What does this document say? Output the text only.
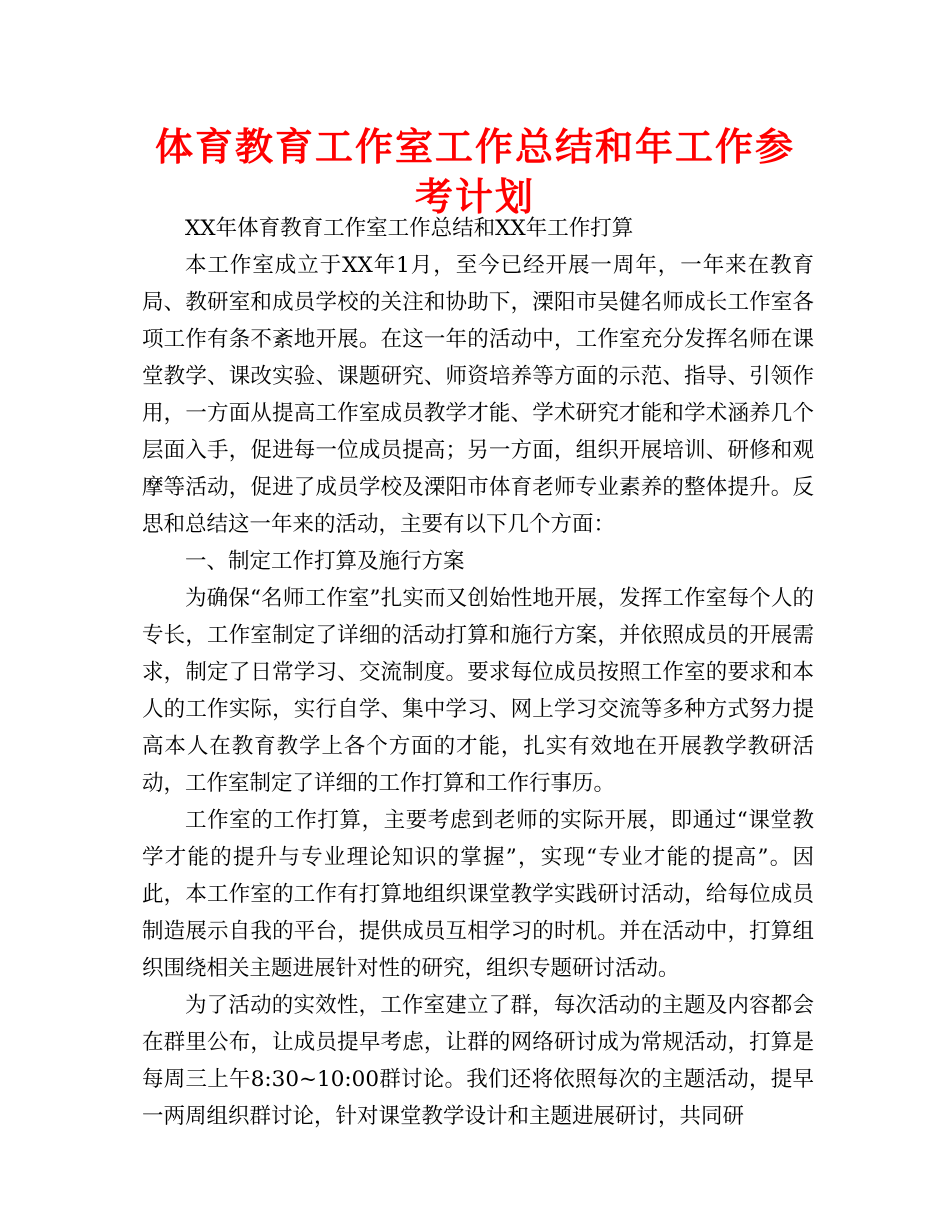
体育教育工作室工作总结和年工作参考计划

XX年体育教育工作室工作总结和XX年工作打算

本工作室成立于XX年1月，至今已经开展一周年，一年来在教育局、教研室和成员学校的关注和协助下，溧阳市吴健名师成长工作室各项工作有条不紊地开展。在这一年的活动中，工作室充分发挥名师在课堂教学、课改实验、课题研究、师资培养等方面的示范、指导、引领作用，一方面从提高工作室成员教学才能、学术研究才能和学术涵养几个层面入手，促进每一位成员提高；另一方面，组织开展培训、研修和观摩等活动，促进了成员学校及溧阳市体育老师专业素养的整体提升。反思和总结这一年来的活动，主要有以下几个方面：

一、制定工作打算及施行方案

为确保“名师工作室”扎实而又创始性地开展，发挥工作室每个人的专长，工作室制定了详细的活动打算和施行方案，并依照成员的开展需求，制定了日常学习、交流制度。要求每位成员按照工作室的要求和本人的工作实际，实行自学、集中学习、网上学习交流等多种方式努力提高本人在教育教学上各个方面的才能，扎实有效地在开展教学教研活动，工作室制定了详细的工作打算和工作行事历。

工作室的工作打算，主要考虑到老师的实际开展，即通过“课堂教学才能的提升与专业理论知识的掌握”，实现“专业才能的提高”。因此，本工作室的工作有打算地组织课堂教学实践研讨活动，给每位成员制造展示自我的平台，提供成员互相学习的时机。并在活动中，打算组织围绕相关主题进展针对性的研究，组织专题研讨活动。

为了活动的实效性，工作室建立了群，每次活动的主题及内容都会在群里公布，让成员提早考虑，让群的网络研讨成为常规活动，打算是每周三上午8:30~10:00群讨论。我们还将依照每次的主题活动，提早一两周组织群讨论，针对课堂教学设计和主题进展研讨，共同研
